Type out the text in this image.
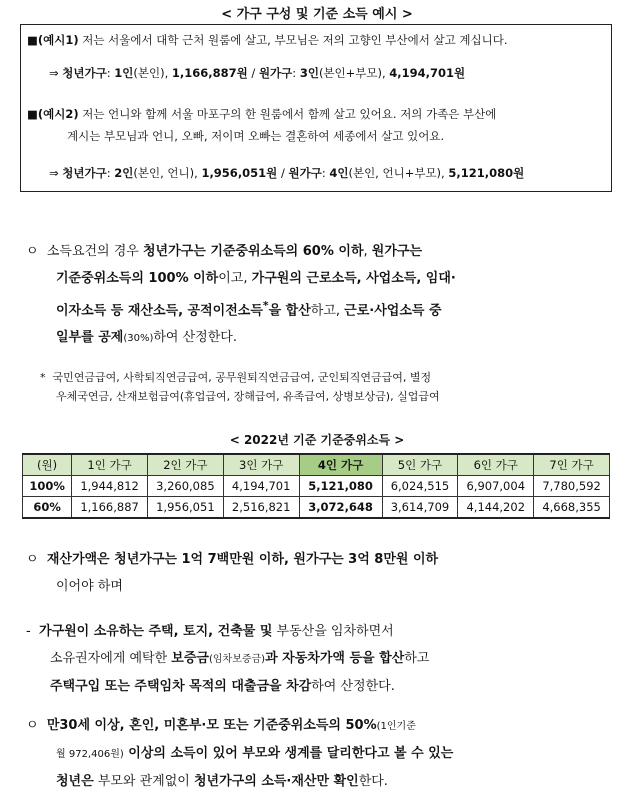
< 가구 구성 및 기준 소득 예시 >
■(예시1) 저는 서울에서 대학 근처 원룸에 살고, 부모님은 저의 고향인 부산에서 살고 계십니다.
⇒ 청년가구: 1인(본인), 1,166,887원 / 원가구: 3인(본인+부모), 4,194,701원
■(예시2) 저는 언니와 함께 서울 마포구의 한 원룸에서 함께 살고 있어요. 저의 가족은 부산에
계시는 부모님과 언니, 오빠, 저이며 오빠는 결혼하여 세종에서 살고 있어요.
⇒ 청년가구: 2인(본인, 언니), 1,956,051원 / 원가구: 4인(본인, 언니+부모), 5,121,080원
ㅇ 소득요건의 경우 청년가구는 기준중위소득의 60% 이하, 원가구는
기준중위소득의 100% 이하이고, 가구원의 근로소득, 사업소득, 임대·
이자소득 등 재산소득, 공적이전소득*을 합산하고, 근로·사업소득 중
일부를 공제(30%)하여 산정한다.
* 국민연금급여, 사학퇴직연금급여, 공무원퇴직연금급여, 군인퇴직연금급여, 별정
우체국연금, 산재보험급여(휴업급여, 장해급여, 유족급여, 상병보상금), 실업급여
< 2022년 기준 기준중위소득 >
(원)	1인 가구	2인 가구	3인 가구	4인 가구	5인 가구	6인 가구	7인 가구
100%	1,944,812	3,260,085	4,194,701	5,121,080	6,024,515	6,907,004	7,780,592
60%	1,166,887	1,956,051	2,516,821	3,072,648	3,614,709	4,144,202	4,668,355
ㅇ 재산가액은 청년가구는 1억 7백만원 이하, 원가구는 3억 8만원 이하
이어야 하며
- 가구원이 소유하는 주택, 토지, 건축물 및 부동산을 임차하면서
소유권자에게 예탁한 보증금(임차보증금)과 자동차가액 등을 합산하고
주택구입 또는 주택임차 목적의 대출금을 차감하여 산정한다.
ㅇ 만30세 이상, 혼인, 미혼부·모 또는 기준중위소득의 50%(1인기준
월 972,406원) 이상의 소득이 있어 부모와 생계를 달리한다고 볼 수 있는
청년은 부모와 관계없이 청년가구의 소득·재산만 확인한다.
